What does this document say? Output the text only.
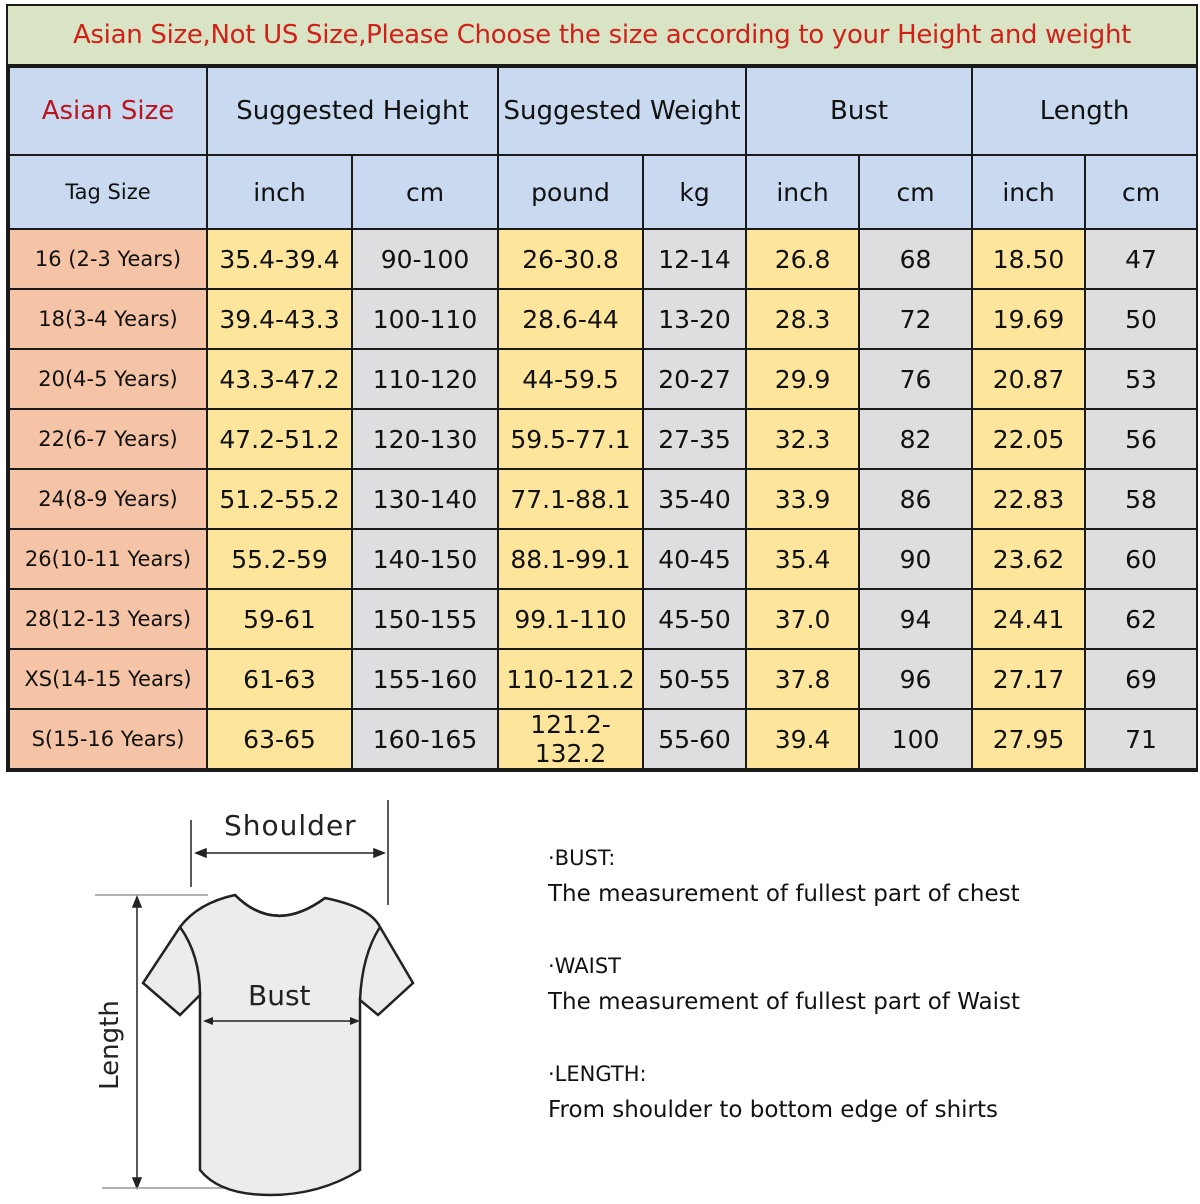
Asian Size,Not US Size,Please Choose the size according to your Height and weight
Asian Size	Suggested Height		Suggested Weight		Bust		Length	
Tag Size	inch	cm	pound	kg	inch	cm	inch	cm
16 (2-3 Years)	35.4-39.4	90-100	26-30.8	12-14	26.8	68	18.50	47
18(3-4 Years)	39.4-43.3	100-110	28.6-44	13-20	28.3	72	19.69	50
20(4-5 Years)	43.3-47.2	110-120	44-59.5	20-27	29.9	76	20.87	53
22(6-7 Years)	47.2-51.2	120-130	59.5-77.1	27-35	32.3	82	22.05	56
24(8-9 Years)	51.2-55.2	130-140	77.1-88.1	35-40	33.9	86	22.83	58
26(10-11 Years)	55.2-59	140-150	88.1-99.1	40-45	35.4	90	23.62	60
28(12-13 Years)	59-61	150-155	99.1-110	45-50	37.0	94	24.41	62
XS(14-15 Years)	61-63	155-160	110-121.2	50-55	37.8	96	27.17	69
S(15-16 Years)	63-65	160-165	121.2-132.2	55-60	39.4	100	27.95	71
Shoulder
Bust
Length

·BUST:

The measurement of fullest part of chest

·WAIST

The measurement of fullest part of Waist

·LENGTH:

From shoulder to bottom edge of shirts
